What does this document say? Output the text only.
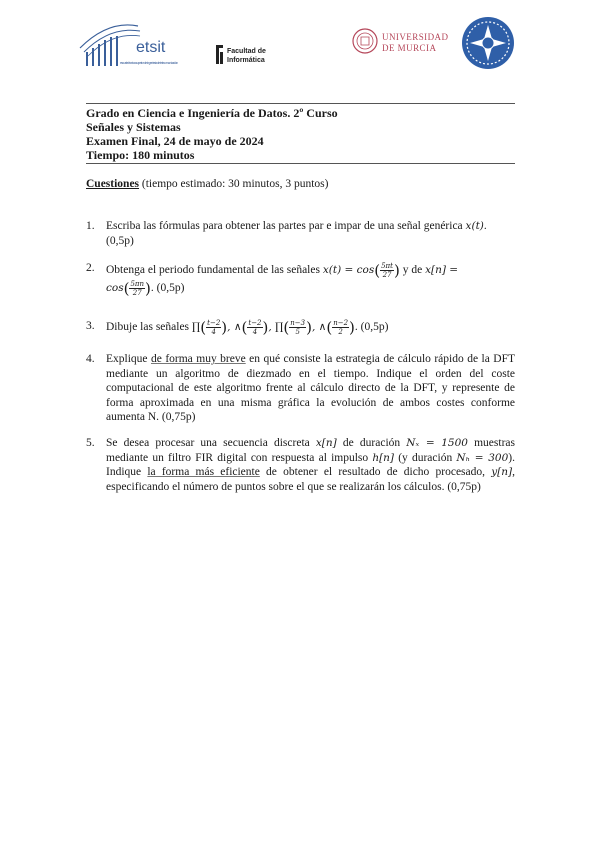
etsit
escuela técnica superior de ingeniería de telecomunicación
Facultad de
Informática
UNIVERSIDAD
DE MURCIA
Grado en Ciencia e Ingeniería de Datos. 2º Curso
Señales y Sistemas
Examen Final, 24 de mayo de 2024
Tiempo: 180 minutos
Cuestiones (tiempo estimado: 30 minutos, 3 puntos)
1. Escriba las fórmulas para obtener las partes par e impar de una señal genérica x(t).
(0,5p)
2. Obtenga el periodo fundamental de las señales $x(t) = \cos( \frac{5\pi t}{27}$ ) y de x[n] =
$\cos( \frac{5\pi n}{27}$ ). (0,5p)
3. Dibuje las señales ∏( $\frac{t-2}{4}$ ), ∧( $\frac{t-2}{4}$ ), ∏( $\frac{n-3}{5}$ ), ∧( $\frac{n-2}{2}$ ). (0,5p)
4. Explique de forma muy breve en qué consiste la estrategia de cálculo rápido de la DFT mediante un algoritmo de diezmado en el tiempo. Indique el orden del coste computacional de este algoritmo frente al cálculo directo de la DFT, y represente de forma aproximada en una misma gráfica la evolución de ambos costes conforme aumenta N. (0,75p)
5. Se desea procesar una secuencia discreta x[n] de duración Nₓ = 1500 muestras mediante un filtro FIR digital con respuesta al impulso h[n] (y duración Nₕ = 300). Indique la forma más eficiente de obtener el resultado de dicho procesado, y[n], especificando el número de puntos sobre el que se realizarán los cálculos. (0,75p)
